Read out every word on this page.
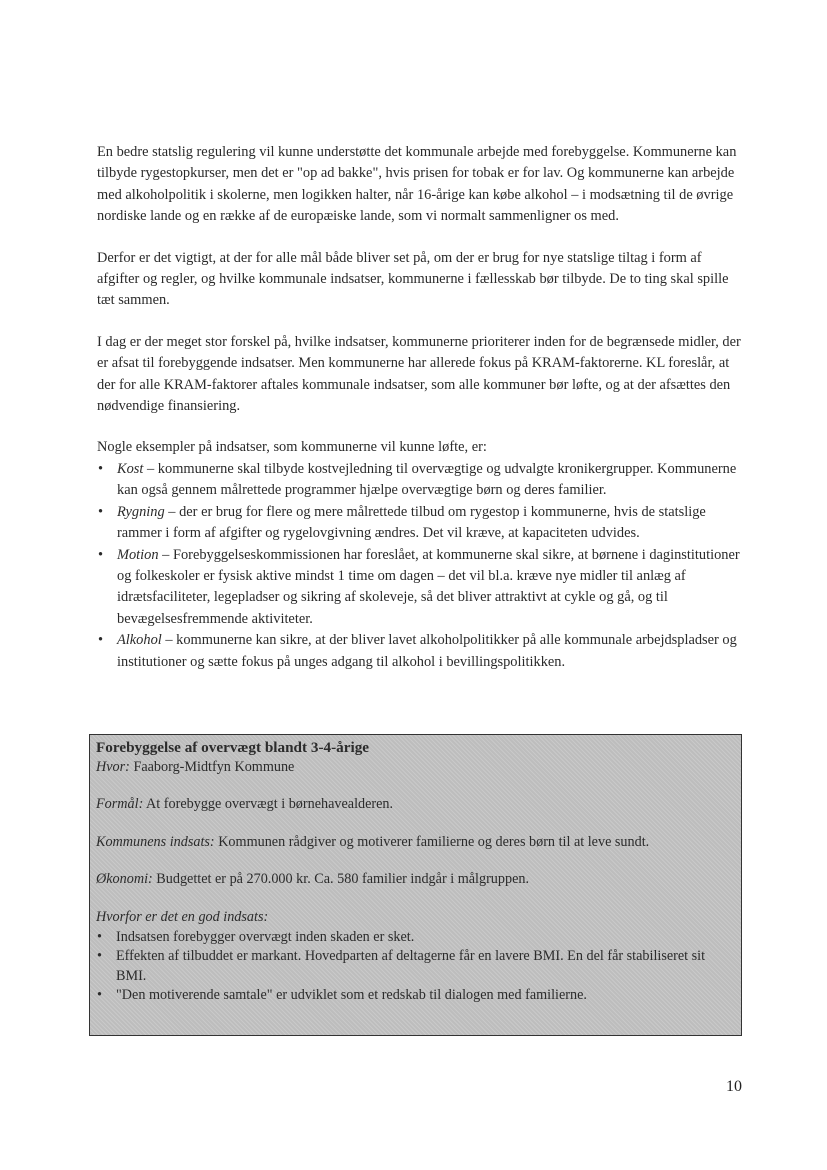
En bedre statslig regulering vil kunne understøtte det kommunale arbejde med forebyggelse. Kommunerne kan tilbyde rygestopkurser, men det er "op ad bakke", hvis prisen for tobak er for lav. Og kommunerne kan arbejde med alkoholpolitik i skolerne, men logikken halter, når 16-årige kan købe alkohol – i modsætning til de øvrige nordiske lande og en række af de europæiske lande, som vi normalt sammenligner os med.

Derfor er det vigtigt, at der for alle mål både bliver set på, om der er brug for nye statslige tiltag i form af afgifter og regler, og hvilke kommunale indsatser, kommunerne i fællesskab bør tilbyde. De to ting skal spille tæt sammen.

I dag er der meget stor forskel på, hvilke indsatser, kommunerne prioriterer inden for de begrænsede midler, der er afsat til forebyggende indsatser. Men kommunerne har allerede fokus på KRAM-faktorerne. KL foreslår, at der for alle KRAM-faktorer aftales kommunale indsatser, som alle kommuner bør løfte, og at der afsættes den nødvendige finansiering.

Nogle eksempler på indsatser, som kommunerne vil kunne løfte, er:

• Kost – kommunerne skal tilbyde kostvejledning til overvægtige og udvalgte kronikergrupper. Kommunerne kan også gennem målrettede programmer hjælpe overvægtige børn og deres familier.
• Rygning – der er brug for flere og mere målrettede tilbud om rygestop i kommunerne, hvis de statslige rammer i form af afgifter og rygelovgivning ændres. Det vil kræve, at kapaciteten udvides.
• Motion – Forebyggelseskommissionen har foreslået, at kommunerne skal sikre, at børnene i daginstitutioner og folkeskoler er fysisk aktive mindst 1 time om dagen – det vil bl.a. kræve nye midler til anlæg af idrætsfaciliteter, legepladser og sikring af skoleveje, så det bliver attraktivt at cykle og gå, og til bevægelsesfremmende aktiviteter.
• Alkohol – kommunerne kan sikre, at der bliver lavet alkoholpolitikker på alle kommunale arbejdspladser og institutioner og sætte fokus på unges adgang til alkohol i bevillingspolitikken.
Forebyggelse af overvægt blandt 3-4-årige
Hvor: Faaborg-Midtfyn Kommune
Formål: At forebygge overvægt i børnehavealderen.
Kommunens indsats: Kommunen rådgiver og motiverer familierne og deres børn til at leve sundt.
Økonomi: Budgettet er på 270.000 kr. Ca. 580 familier indgår i målgruppen.
Hvorfor er det en god indsats:
• Indsatsen forebygger overvægt inden skaden er sket.
• Effekten af tilbuddet er markant. Hovedparten af deltagerne får en lavere BMI. En del får stabiliseret sit BMI.
• "Den motiverende samtale" er udviklet som et redskab til dialogen med familierne.
10
